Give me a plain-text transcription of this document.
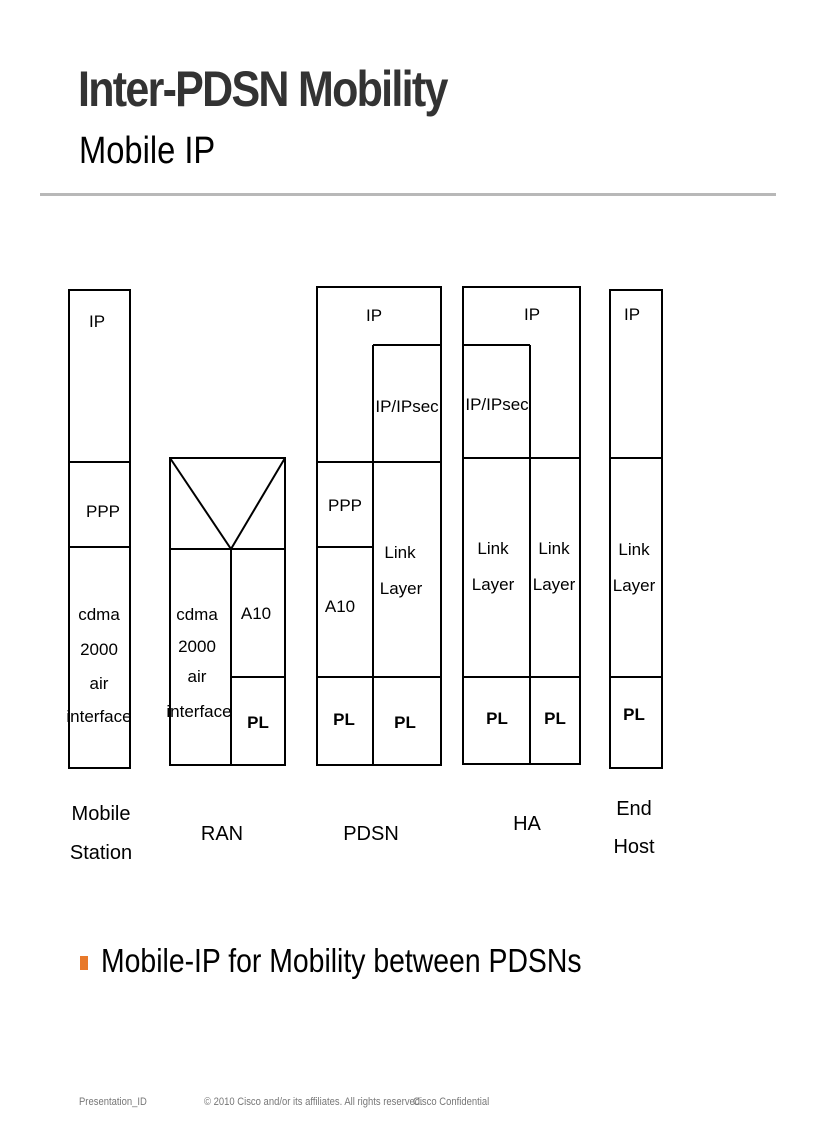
Inter-PDSN Mobility
Mobile IP
IP
PPP
cdma
2000
air
interface
cdma
2000
air
interface
A10
PL
IP
IP/IPsec
PPP
Link
Layer
A10
PL PL
IP
IP/IPsec
Link
Layer
Link
Layer
PL PL
IP
Link
Layer
PL
Mobile
Station
RAN	PDSN	HA
End
Host
Mobile-IP for Mobility between PDSNs
Presentation_ID	© 2010 Cisco and/or its affiliates. All rights reserved.
Cisco Confidential
